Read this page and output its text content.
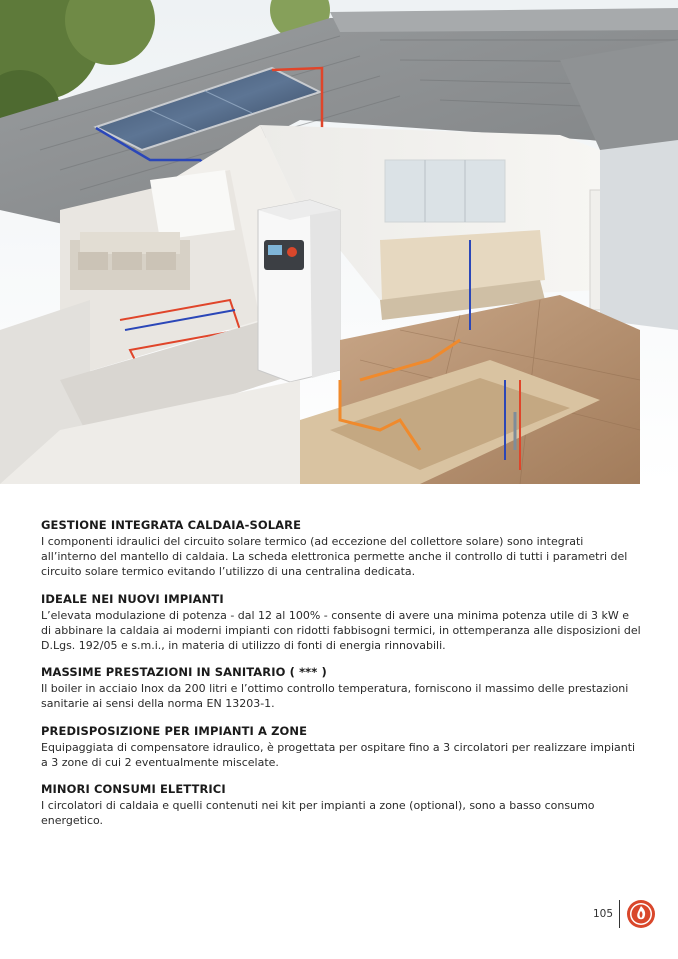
GESTIONE INTEGRATA CALDAIA-SOLARE

I componenti idraulici del circuito solare termico (ad eccezione del collettore solare) sono integrati all’interno del mantello di caldaia. La scheda elettronica permette anche il controllo di tutti i parametri del circuito solare termico evitando l’utilizzo di una centralina dedicata.

IDEALE NEI NUOVI IMPIANTI

L’elevata modulazione di potenza - dal 12 al 100% - consente di avere una minima potenza utile di 3 kW e di abbinare la caldaia ai moderni impianti con ridotti fabbisogni termici, in ottemperanza alle disposizioni del D.Lgs. 192/05 e s.m.i., in materia di utilizzo di fonti di energia rinnovabili.

MASSIME PRESTAZIONI IN SANITARIO ( *** )

Il boiler in acciaio Inox da 200 litri e l’ottimo controllo temperatura, forniscono il massimo delle prestazioni sanitarie ai sensi della norma EN 13203-1.

PREDISPOSIZIONE PER IMPIANTI A ZONE

Equipaggiata di compensatore idraulico, è progettata per ospitare fino a 3 circolatori per realizzare impianti a 3 zone di cui 2 eventualmente miscelate.

MINORI CONSUMI ELETTRICI

I circolatori di caldaia e quelli contenuti nei kit per impianti a zone (optional), sono a basso consumo energetico.

105
